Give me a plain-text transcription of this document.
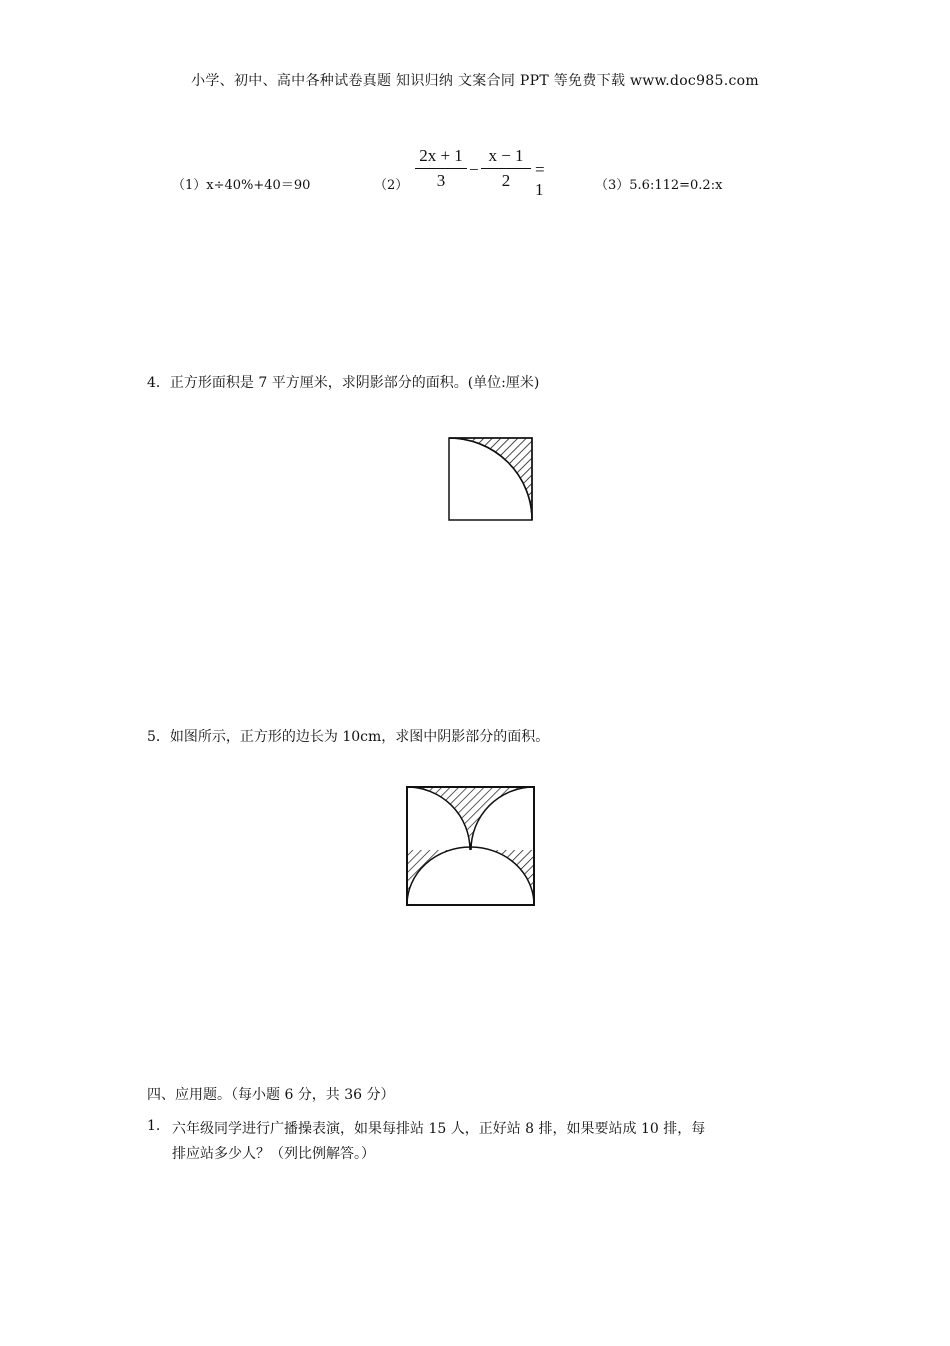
小学、初中、高中各种试卷真题 知识归纳 文案合同 PPT 等免费下载 www.doc985.com
（1）x÷40%+40＝90	$(2) \frac{2x + 1}{3} - \frac{x - 1}{2} = 1$	（3）5.6:112=0.2:x
4．正方形面积是 7 平方厘米，求阴影部分的面积。(单位:厘米)
5．如图所示，正方形的边长为 10cm，求图中阴影部分的面积。
四、应用题。（每小题 6 分，共 36 分）
1. 六年级同学进行广播操表演，如果每排站 15 人，正好站 8 排，如果要站成 10 排，每
排应站多少人？（列比例解答。）
